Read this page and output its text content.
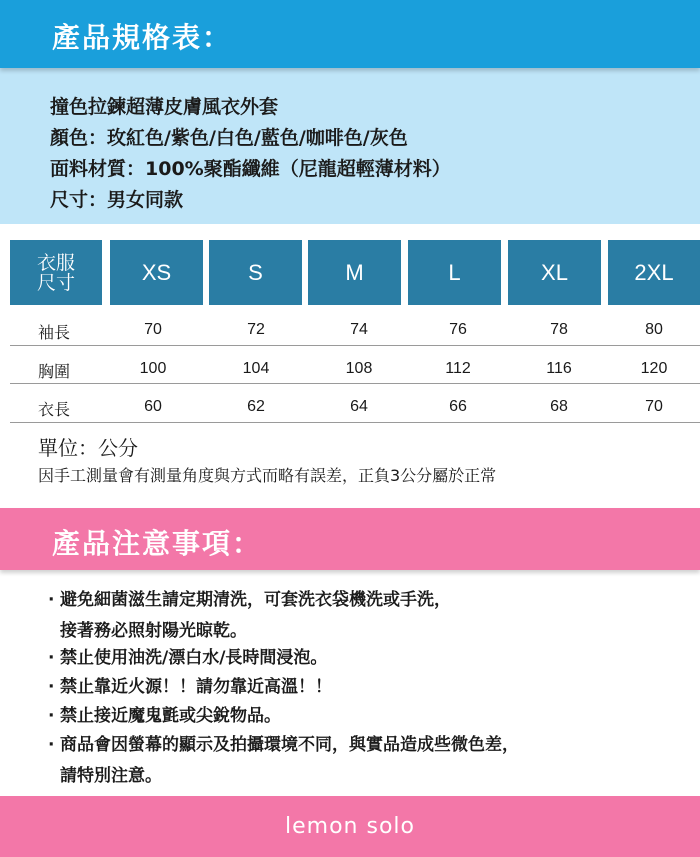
產品規格表：
撞色拉鍊超薄皮膚風衣外套
顏色：玫紅色/紫色/白色/藍色/咖啡色/灰色
面料材質：100%聚酯纖維（尼龍超輕薄材料）
尺寸：男女同款
衣服
尺寸	XS	S	M	L	XL	2XL
袖長	70	72	74	76	78	80
胸圍	100	104	108	112	116	120
衣長	60	62	64	66	68	70
單位：公分
因手工測量會有測量角度與方式而略有誤差，正負3公分屬於正常
產品注意事項：
· 避免細菌滋生請定期清洗，可套洗衣袋機洗或手洗，
接著務必照射陽光晾乾。
· 禁止使用油洗/漂白水/長時間浸泡。
· 禁止靠近火源！！請勿靠近高溫！！
· 禁止接近魔鬼氈或尖銳物品。
· 商品會因螢幕的顯示及拍攝環境不同，與實品造成些微色差，
請特別注意。
lemon solo
